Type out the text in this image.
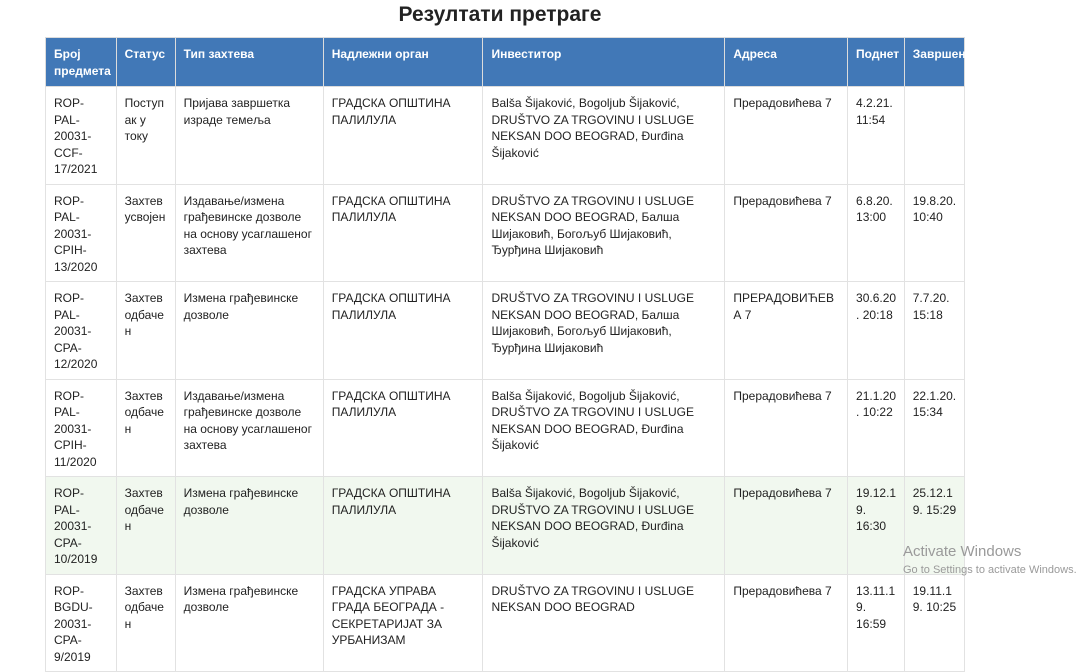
Резултати претраге
Број предмета	Статус	Тип захтева	Надлежни орган	Инвеститор	Адреса	Поднет	Завршен
ROP-PAL-20031-CCF-17/2021	Поступак у току	Пријава завршетка израде темеља	ГРАДСКА ОПШТИНА ПАЛИЛУЛА	Balša Šijaković, Bogoljub Šijaković, DRUŠTVO ZA TRGOVINU I USLUGE NEKSAN DOO BEOGRAD, Đurđina Šijaković	Прерадовићева 7	4.2.21. 11:54	
ROP-PAL-20031-CPIH-13/2020	Захтев усвојен	Издавање/измена грађевинске дозволе на основу усаглашеног захтева	ГРАДСКА ОПШТИНА ПАЛИЛУЛА	DRUŠTVO ZA TRGOVINU I USLUGE NEKSAN DOO BEOGRAD, Балша Шијаковић, Богољуб Шијаковић, Ђурђина Шијаковић	Прерадовићева 7	6.8.20. 13:00	19.8.20. 10:40
ROP-PAL-20031-CPA-12/2020	Захтев одбачен	Измена грађевинске дозволе	ГРАДСКА ОПШТИНА ПАЛИЛУЛА	DRUŠTVO ZA TRGOVINU I USLUGE NEKSAN DOO BEOGRAD, Балша Шијаковић, Богољуб Шијаковић, Ђурђина Шијаковић	ПРЕРАДОВИЋЕВА 7	30.6.20. 20:18	7.7.20. 15:18
ROP-PAL-20031-CPIH-11/2020	Захтев одбачен	Издавање/измена грађевинске дозволе на основу усаглашеног захтева	ГРАДСКА ОПШТИНА ПАЛИЛУЛА	Balša Šijaković, Bogoljub Šijaković, DRUŠTVO ZA TRGOVINU I USLUGE NEKSAN DOO BEOGRAD, Đurđina Šijaković	Прерадовићева 7	21.1.20. 10:22	22.1.20. 15:34
ROP-PAL-20031-CPA-10/2019	Захтев одбачен	Измена грађевинске дозволе	ГРАДСКА ОПШТИНА ПАЛИЛУЛА	Balša Šijaković, Bogoljub Šijaković, DRUŠTVO ZA TRGOVINU I USLUGE NEKSAN DOO BEOGRAD, Đurđina Šijaković	Прерадовићева 7	19.12.19. 16:30	25.12.19. 15:29
ROP-BGDU-20031-CPA-9/2019	Захтев одбачен	Измена грађевинске дозволе	ГРАДСКА УПРАВА ГРАДА БЕОГРАДА - СЕКРЕТАРИЈАТ ЗА УРБАНИЗАМ	DRUŠTVO ZA TRGOVINU I USLUGE NEKSAN DOO BEOGRAD	Прерадовићева 7	13.11.19. 16:59	19.11.19. 10:25
Activate Windows
Go to Settings to activate Windows.
